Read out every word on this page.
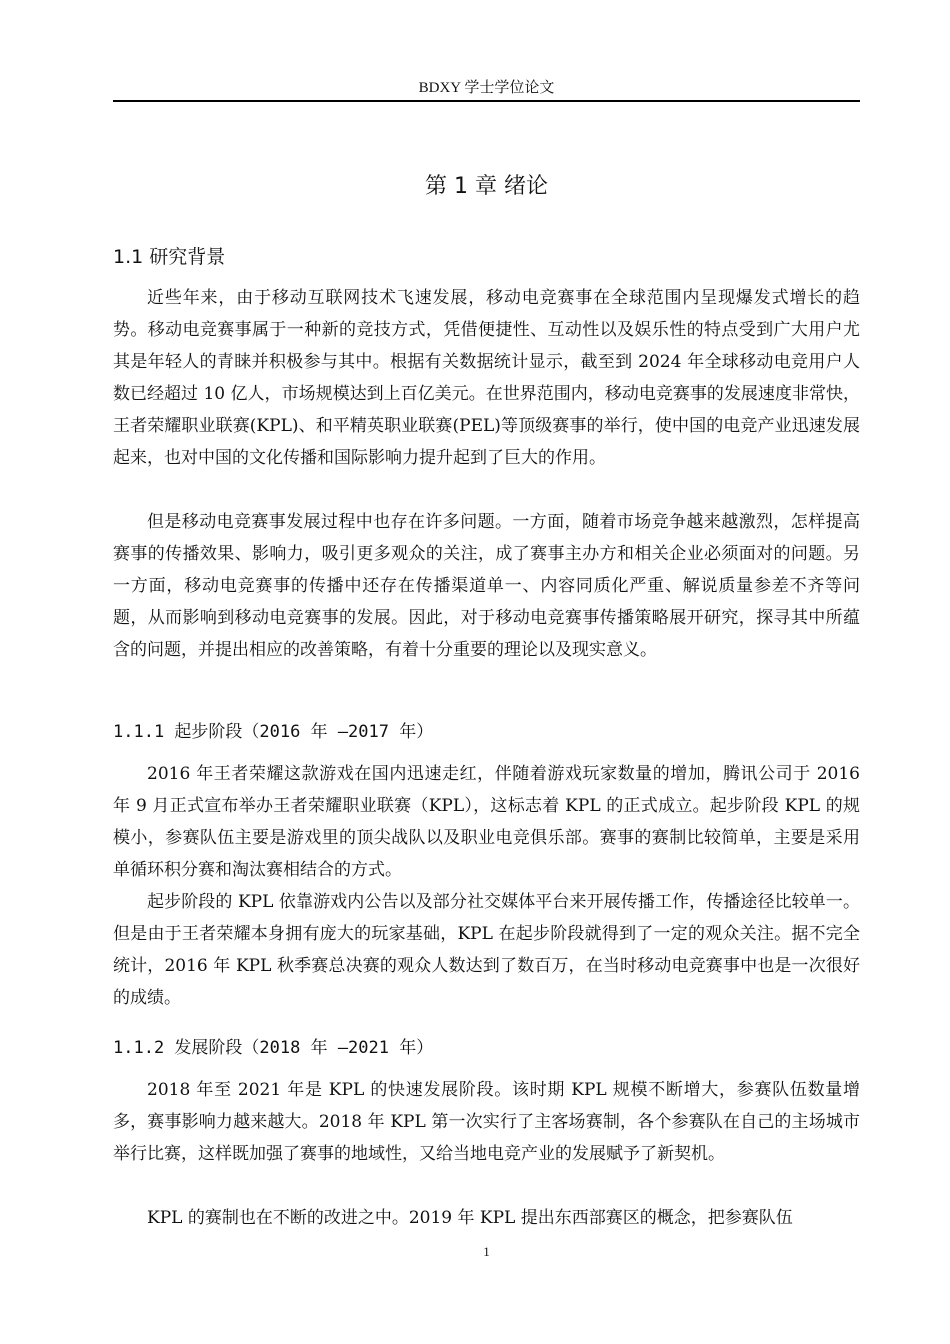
BDXY 学士学位论文
第 1 章 绪论
1.1 研究背景

近些年来，由于移动互联网技术飞速发展，移动电竞赛事在全球范围内呈现爆发式增长的趋势。移动电竞赛事属于一种新的竞技方式，凭借便捷性、互动性以及娱乐性的特点受到广大用户尤其是年轻人的青睐并积极参与其中。根据有关数据统计显示，截至到 2024 年全球移动电竞用户人数已经超过 10 亿人，市场规模达到上百亿美元。在世界范围内，移动电竞赛事的发展速度非常快，王者荣耀职业联赛(KPL)、和平精英职业联赛(PEL)等顶级赛事的举行，使中国的电竞产业迅速发展起来，也对中国的文化传播和国际影响力提升起到了巨大的作用。

但是移动电竞赛事发展过程中也存在许多问题。一方面，随着市场竞争越来越激烈，怎样提高赛事的传播效果、影响力，吸引更多观众的关注，成了赛事主办方和相关企业必须面对的问题。另一方面，移动电竞赛事的传播中还存在传播渠道单一、内容同质化严重、解说质量参差不齐等问题，从而影响到移动电竞赛事的发展。因此，对于移动电竞赛事传播策略展开研究，探寻其中所蕴含的问题，并提出相应的改善策略，有着十分重要的理论以及现实意义。

1.1.1 起步阶段（2016 年 —2017 年）

2016 年王者荣耀这款游戏在国内迅速走红，伴随着游戏玩家数量的增加，腾讯公司于 2016 年 9 月正式宣布举办王者荣耀职业联赛（KPL），这标志着 KPL 的正式成立。起步阶段 KPL 的规模小，参赛队伍主要是游戏里的顶尖战队以及职业电竞俱乐部。赛事的赛制比较简单，主要是采用单循环积分赛和淘汰赛相结合的方式。

起步阶段的 KPL 依靠游戏内公告以及部分社交媒体平台来开展传播工作，传播途径比较单一。但是由于王者荣耀本身拥有庞大的玩家基础，KPL 在起步阶段就得到了一定的观众关注。据不完全统计，2016 年 KPL 秋季赛总决赛的观众人数达到了数百万，在当时移动电竞赛事中也是一次很好的成绩。

1.1.2 发展阶段（2018 年 —2021 年）

2018 年至 2021 年是 KPL 的快速发展阶段。该时期 KPL 规模不断增大，参赛队伍数量增多，赛事影响力越来越大。2018 年 KPL 第一次实行了主客场赛制，各个参赛队在自己的主场城市举行比赛，这样既加强了赛事的地域性，又给当地电竞产业的发展赋予了新契机。

KPL 的赛制也在不断的改进之中。2019 年 KPL 提出东西部赛区的概念，把参赛队伍

1
